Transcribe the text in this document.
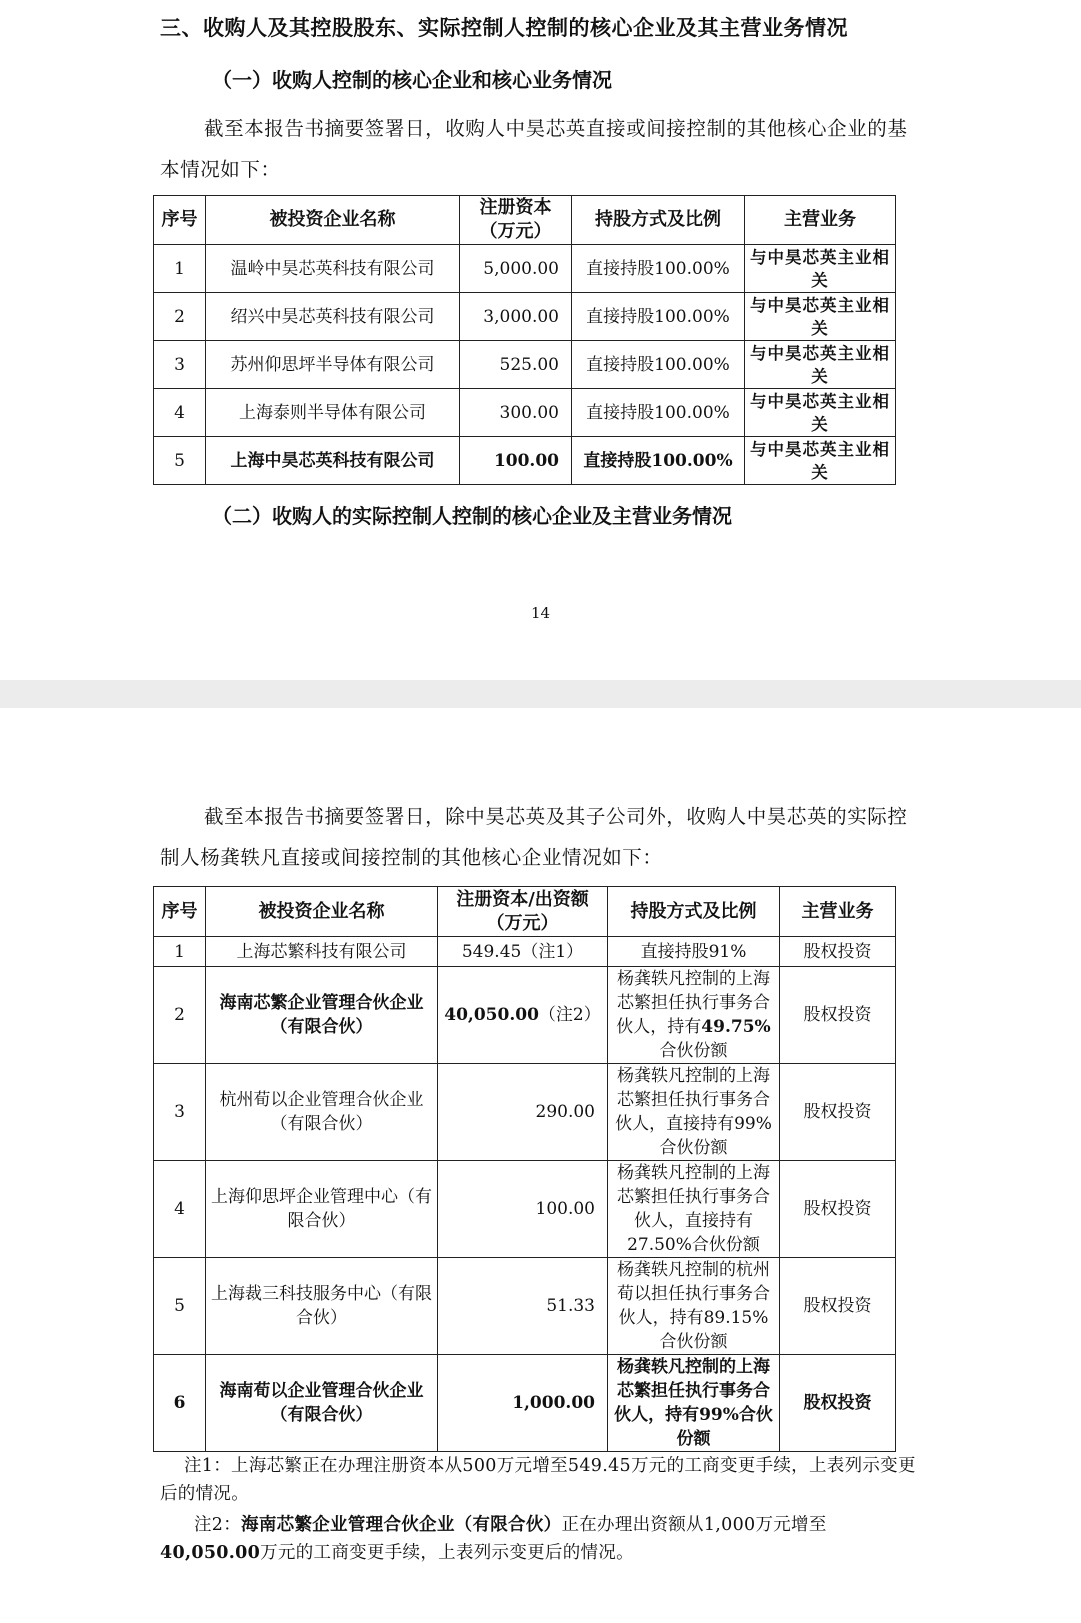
三、收购人及其控股股东、实际控制人控制的核心企业及其主营业务情况
（一）收购人控制的核心企业和核心业务情况
截至本报告书摘要签署日，收购人中昊芯英直接或间接控制的其他核心企业的基本情况如下：
序号	被投资企业名称	注册资本（万元）	持股方式及比例	主营业务
1	温岭中昊芯英科技有限公司	5,000.00	直接持股100.00%	与中昊芯英主业相关
2	绍兴中昊芯英科技有限公司	3,000.00	直接持股100.00%	与中昊芯英主业相关
3	苏州仰思坪半导体有限公司	525.00	直接持股100.00%	与中昊芯英主业相关
4	上海泰则半导体有限公司	300.00	直接持股100.00%	与中昊芯英主业相关
5	上海中昊芯英科技有限公司	100.00	直接持股100.00%	与中昊芯英主业相关
（二）收购人的实际控制人控制的核心企业及主营业务情况
14
截至本报告书摘要签署日，除中昊芯英及其子公司外，收购人中昊芯英的实际控制人杨龚轶凡直接或间接控制的其他核心企业情况如下：
序号	被投资企业名称	注册资本/出资额（万元）	持股方式及比例	主营业务
1	上海芯繁科技有限公司	549.45（注1）	直接持股91%	股权投资
2	海南芯繁企业管理合伙企业（有限合伙）	40,050.00（注2）	杨龚轶凡控制的上海芯繁担任执行事务合伙人，持有49.75%合伙份额	股权投资
3	杭州荀以企业管理合伙企业（有限合伙）	290.00	杨龚轶凡控制的上海芯繁担任执行事务合伙人，直接持有99%合伙份额	股权投资
4	上海仰思坪企业管理中心（有限合伙）	100.00	杨龚轶凡控制的上海芯繁担任执行事务合伙人，直接持有27.50%合伙份额	股权投资
5	上海裁三科技服务中心（有限合伙）	51.33	杨龚轶凡控制的杭州荀以担任执行事务合伙人，持有89.15%合伙份额	股权投资
6	海南荀以企业管理合伙企业（有限合伙）	1,000.00	杨龚轶凡控制的上海芯繁担任执行事务合伙人，持有99%合伙份额	股权投资
注1：上海芯繁正在办理注册资本从500万元增至549.45万元的工商变更手续，上表列示变更后的情况。
注2：海南芯繁企业管理合伙企业（有限合伙）正在办理出资额从1,000万元增至40,050.00万元的工商变更手续，上表列示变更后的情况。
